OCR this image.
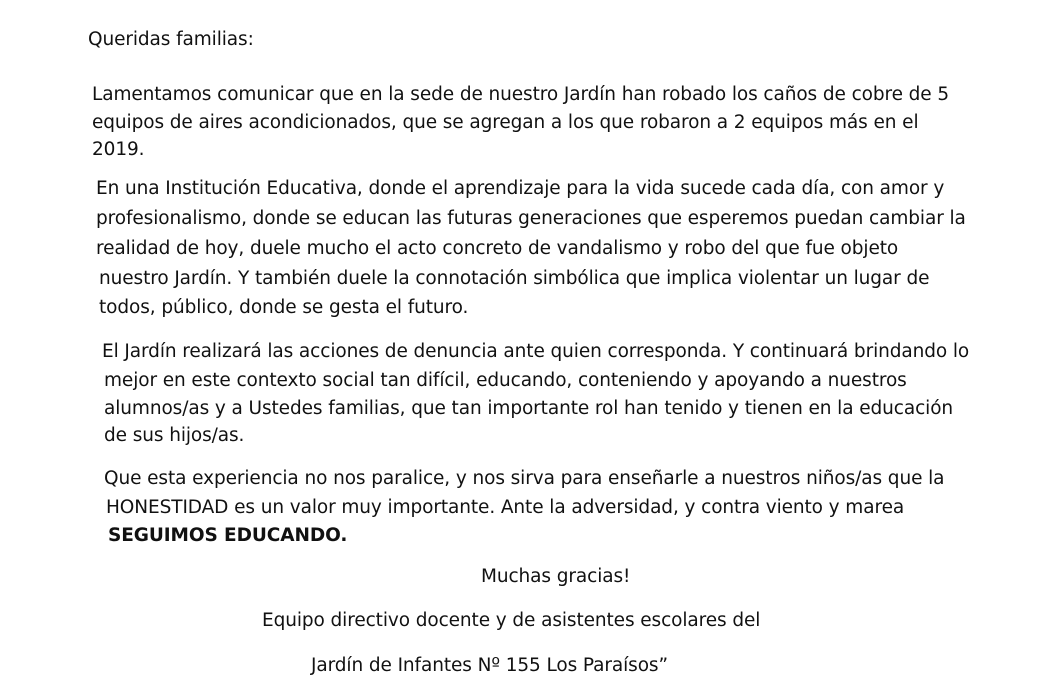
Queridas familias:
Lamentamos comunicar que en la sede de nuestro Jardín han robado los caños de cobre de 5
equipos de aires acondicionados, que se agregan a los que robaron a 2 equipos más en el
2019.
En una Institución Educativa, donde el aprendizaje para la vida sucede cada día, con amor y
profesionalismo, donde se educan las futuras generaciones que esperemos puedan cambiar la
realidad de hoy, duele mucho el acto concreto de vandalismo y robo del que fue objeto
nuestro Jardín. Y también duele la connotación simbólica que implica violentar un lugar de
todos, público, donde se gesta el futuro.
El Jardín realizará las acciones de denuncia ante quien corresponda. Y continuará brindando lo
mejor en este contexto social tan difícil, educando, conteniendo y apoyando a nuestros
alumnos/as y a Ustedes familias, que tan importante rol han tenido y tienen en la educación
de sus hijos/as.
Que esta experiencia no nos paralice, y nos sirva para enseñarle a nuestros niños/as que la
HONESTIDAD es un valor muy importante. Ante la adversidad, y contra viento y marea
SEGUIMOS EDUCANDO.
Muchas gracias!
Equipo directivo docente y de asistentes escolares del
Jardín de Infantes Nº 155 Los Paraísos”
